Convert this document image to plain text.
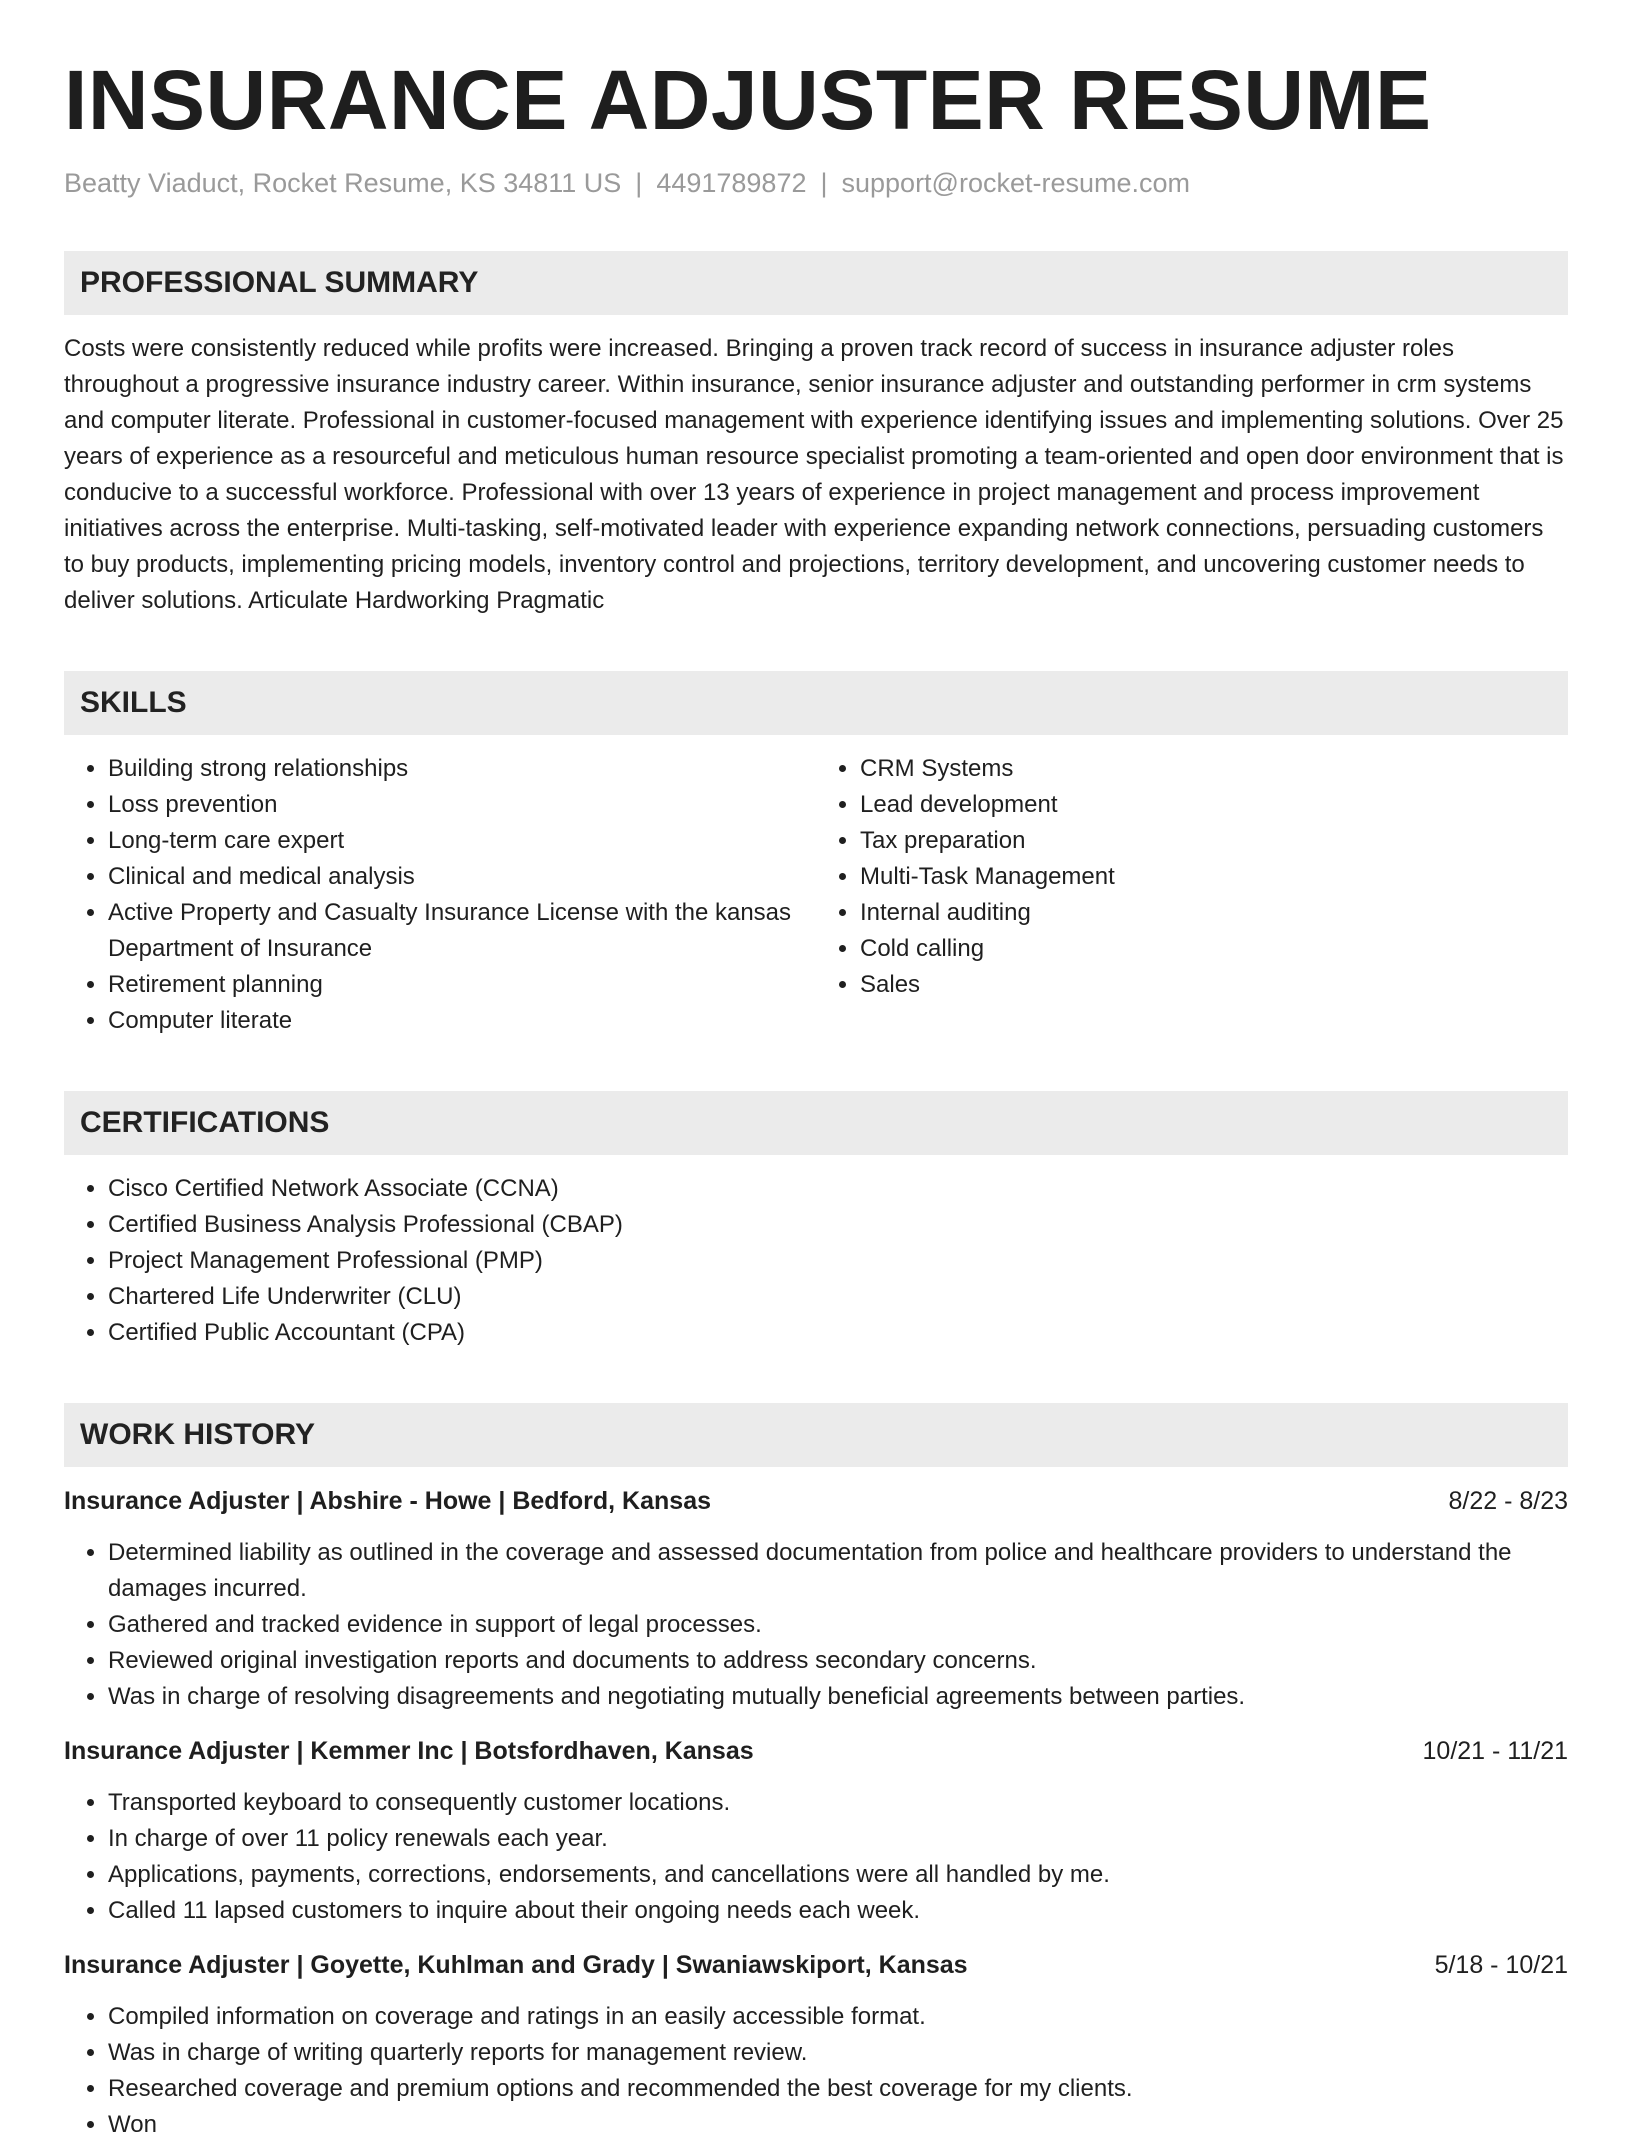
INSURANCE ADJUSTER RESUME
Beatty Viaduct, Rocket Resume, KS 34811 US | 4491789872 | support@rocket-resume.com
PROFESSIONAL SUMMARY

Costs were consistently reduced while profits were increased. Bringing a proven track record of success in insurance adjuster roles throughout a progressive insurance industry career. Within insurance, senior insurance adjuster and outstanding performer in crm systems and computer literate. Professional in customer-focused management with experience identifying issues and implementing solutions. Over 25 years of experience as a resourceful and meticulous human resource specialist promoting a team-oriented and open door environment that is conducive to a successful workforce. Professional with over 13 years of experience in project management and process improvement initiatives across the enterprise. Multi-tasking, self-motivated leader with experience expanding network connections, persuading customers to buy products, implementing pricing models, inventory control and projections, territory development, and uncovering customer needs to deliver solutions. Articulate Hardworking Pragmatic

SKILLS
• Building strong relationships
• Loss prevention
• Long-term care expert
• Clinical and medical analysis
• Active Property and Casualty Insurance License with the kansas Department of Insurance
• Retirement planning
• Computer literate
• CRM Systems
• Lead development
• Tax preparation
• Multi-Task Management
• Internal auditing
• Cold calling
• Sales
CERTIFICATIONS
• Cisco Certified Network Associate (CCNA)
• Certified Business Analysis Professional (CBAP)
• Project Management Professional (PMP)
• Chartered Life Underwriter (CLU)
• Certified Public Accountant (CPA)
WORK HISTORY
Insurance Adjuster | Abshire - Howe | Bedford, Kansas	8/22 - 8/23
• Determined liability as outlined in the coverage and assessed documentation from police and healthcare providers to understand the damages incurred.
• Gathered and tracked evidence in support of legal processes.
• Reviewed original investigation reports and documents to address secondary concerns.
• Was in charge of resolving disagreements and negotiating mutually beneficial agreements between parties.
Insurance Adjuster | Kemmer Inc | Botsfordhaven, Kansas	10/21 - 11/21
• Transported keyboard to consequently customer locations.
• In charge of over 11 policy renewals each year.
• Applications, payments, corrections, endorsements, and cancellations were all handled by me.
• Called 11 lapsed customers to inquire about their ongoing needs each week.
Insurance Adjuster | Goyette, Kuhlman and Grady | Swaniawskiport, Kansas	5/18 - 10/21
• Compiled information on coverage and ratings in an easily accessible format.
• Was in charge of writing quarterly reports for management review.
• Researched coverage and premium options and recommended the best coverage for my clients.
• Won
